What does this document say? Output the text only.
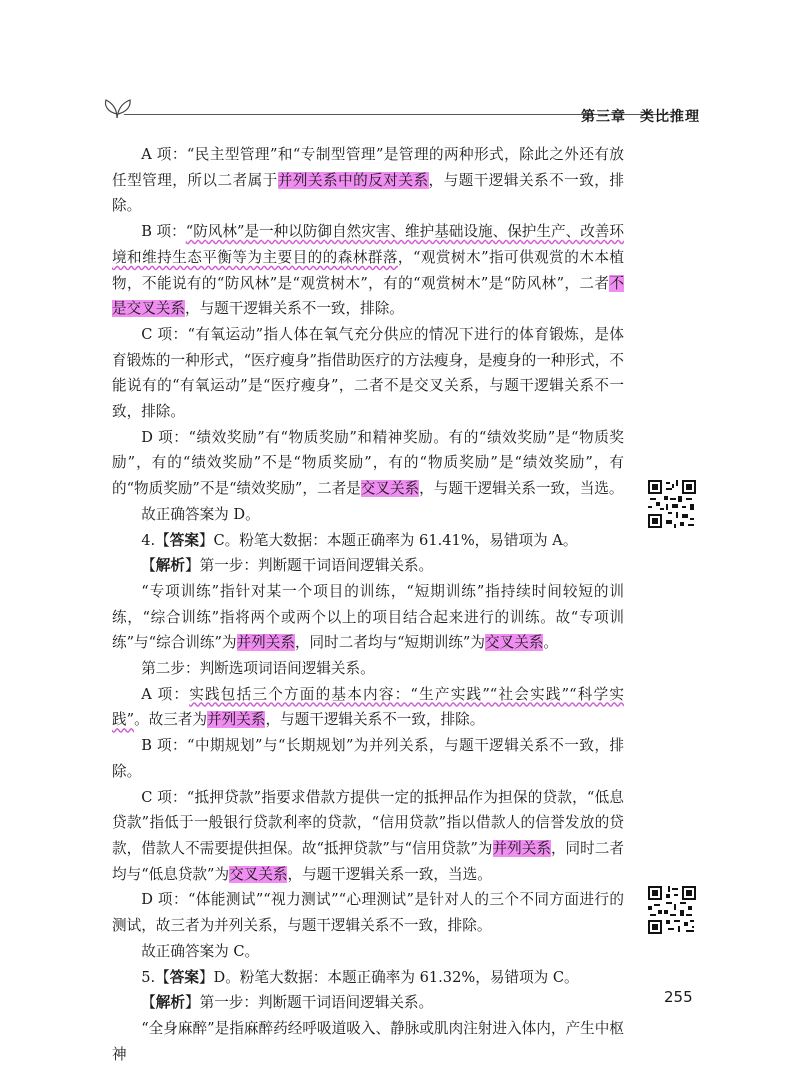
第三章 类比推理

A 项：“民主型管理”和“专制型管理”是管理的两种形式，除此之外还有放任型管理，所以二者属于并列关系中的反对关系，与题干逻辑关系不一致，排除。

B 项：“防风林”是一种以防御自然灾害、维护基础设施、保护生产、改善环境和维持生态平衡等为主要目的的森林群落，“观赏树木”指可供观赏的木本植物，不能说有的“防风林”是“观赏树木”，有的“观赏树木”是“防风林”，二者不是交叉关系，与题干逻辑关系不一致，排除。

C 项：“有氧运动”指人体在氧气充分供应的情况下进行的体育锻炼，是体育锻炼的一种形式，“医疗瘦身”指借助医疗的方法瘦身，是瘦身的一种形式，不能说有的“有氧运动”是“医疗瘦身”，二者不是交叉关系，与题干逻辑关系不一致，排除。

D 项：“绩效奖励”有“物质奖励”和精神奖励。有的“绩效奖励”是“物质奖励”，有的“绩效奖励”不是“物质奖励”，有的“物质奖励”是“绩效奖励”，有的“物质奖励”不是“绩效奖励”，二者是交叉关系，与题干逻辑关系一致，当选。

故正确答案为 D。

4.【答案】C。粉笔大数据：本题正确率为 61.41%，易错项为 A。

【解析】第一步：判断题干词语间逻辑关系。

“专项训练”指针对某一个项目的训练，“短期训练”指持续时间较短的训练，“综合训练”指将两个或两个以上的项目结合起来进行的训练。故“专项训练”与“综合训练”为并列关系，同时二者均与“短期训练”为交叉关系。

第二步：判断选项词语间逻辑关系。

A 项：实践包括三个方面的基本内容：“生产实践”“社会实践”“科学实践”。故三者为并列关系，与题干逻辑关系不一致，排除。

B 项：“中期规划”与“长期规划”为并列关系，与题干逻辑关系不一致，排除。

C 项：“抵押贷款”指要求借款方提供一定的抵押品作为担保的贷款，“低息贷款”指低于一般银行贷款利率的贷款，“信用贷款”指以借款人的信誉发放的贷款，借款人不需要提供担保。故“抵押贷款”与“信用贷款”为并列关系，同时二者均与“低息贷款”为交叉关系，与题干逻辑关系一致，当选。

D 项：“体能测试”“视力测试”“心理测试”是针对人的三个不同方面进行的测试，故三者为并列关系，与题干逻辑关系不一致，排除。

故正确答案为 C。

5.【答案】D。粉笔大数据：本题正确率为 61.32%，易错项为 C。

【解析】第一步：判断题干词语间逻辑关系。

“全身麻醉”是指麻醉药经呼吸道吸入、静脉或肌肉注射进入体内，产生中枢神

255
